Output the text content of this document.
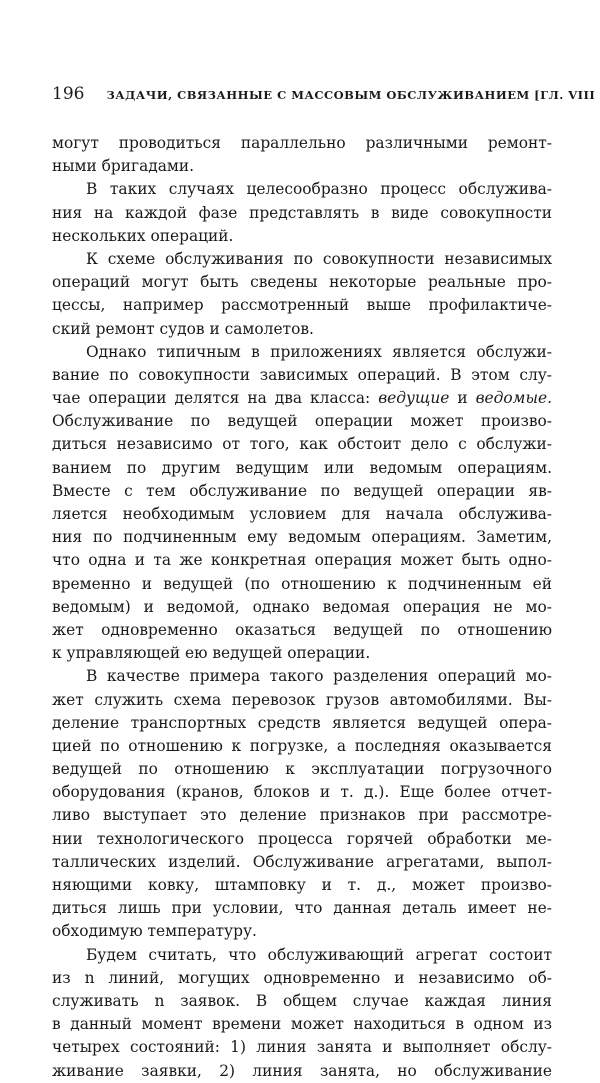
196 ЗАДАЧИ, СВЯЗАННЫЕ С МАССОВЫМ ОБСЛУЖИВАНИЕМ [ГЛ. VIII
могут проводиться параллельно различными ремонт-
ными бригадами.
В таких случаях целесообразно процесс обслужива-
ния на каждой фазе представлять в виде совокупности
нескольких операций.
К схеме обслуживания по совокупности независимых
операций могут быть сведены некоторые реальные про-
цессы, например рассмотренный выше профилактиче-
ский ремонт судов и самолетов.
Однако типичным в приложениях является обслужи-
вание по совокупности зависимых операций. В этом слу-
чае операции делятся на два класса: ведущие и ведомые.
Обслуживание по ведущей операции может произво-
диться независимо от того, как обстоит дело с обслужи-
ванием по другим ведущим или ведомым операциям.
Вместе с тем обслуживание по ведущей операции яв-
ляется необходимым условием для начала обслужива-
ния по подчиненным ему ведомым операциям. Заметим,
что одна и та же конкретная операция может быть одно-
временно и ведущей (по отношению к подчиненным ей
ведомым) и ведомой, однако ведомая операция не мо-
жет одновременно оказаться ведущей по отношению
к управляющей ею ведущей операции.
В качестве примера такого разделения операций мо-
жет служить схема перевозок грузов автомобилями. Вы-
деление транспортных средств является ведущей опера-
цией по отношению к погрузке, а последняя оказывается
ведущей по отношению к эксплуатации погрузочного
оборудования (кранов, блоков и т. д.). Еще более отчет-
ливо выступает это деление признаков при рассмотре-
нии технологического процесса горячей обработки ме-
таллических изделий. Обслуживание агрегатами, выпол-
няющими ковку, штамповку и т. д., может произво-
диться лишь при условии, что данная деталь имеет не-
обходимую температуру.
Будем считать, что обслуживающий агрегат состоит
из n линий, могущих одновременно и независимо об-
служивать n заявок. В общем случае каждая линия
в данный момент времени может находиться в одном из
четырех состояний: 1) линия занята и выполняет обслу-
живание заявки, 2) линия занята, но обслуживание
